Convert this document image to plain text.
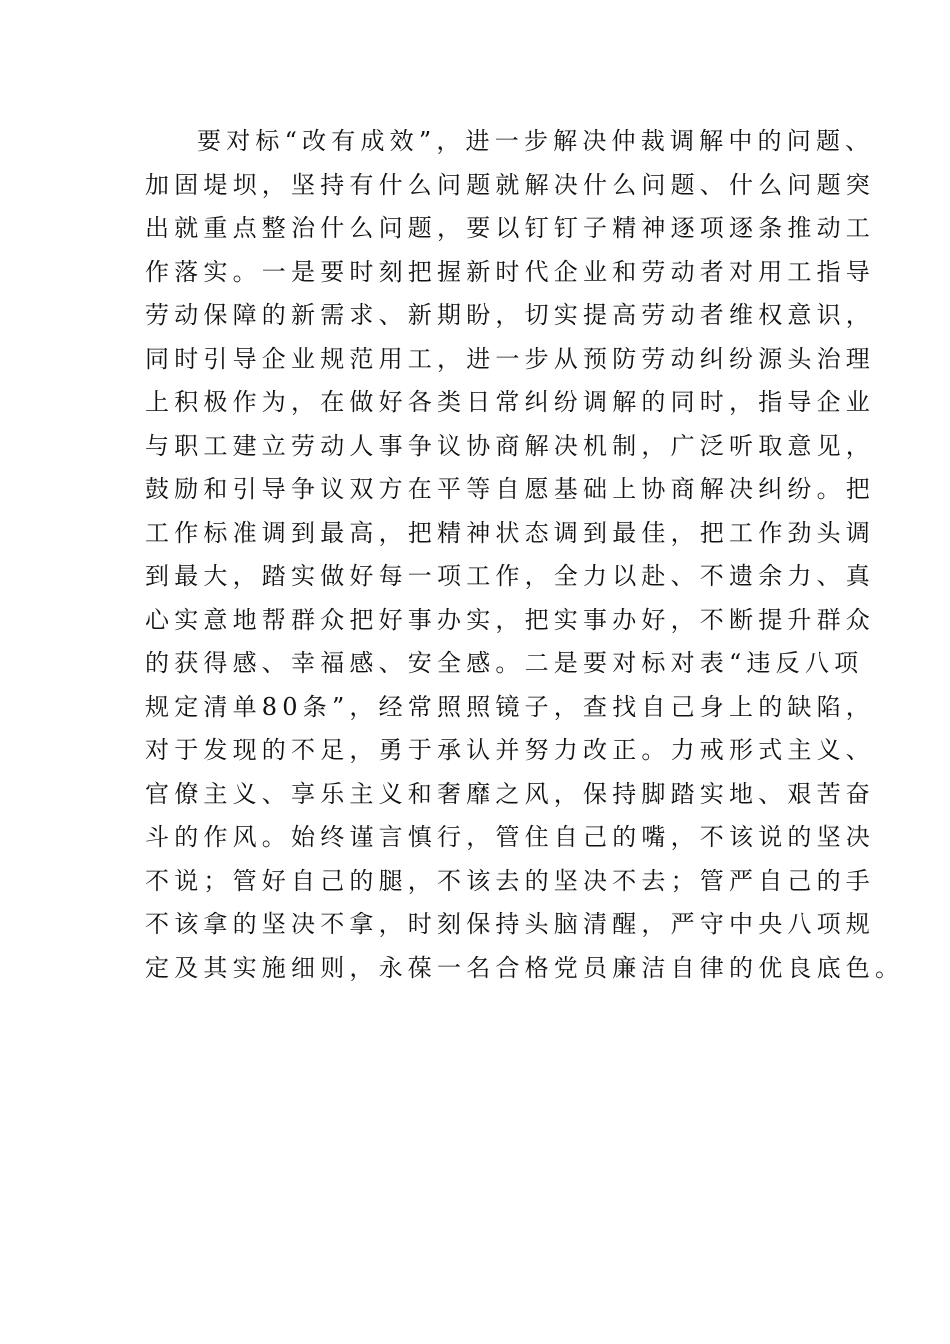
要对标“改有成效”，进一步解决仲裁调解中的问题、
加固堤坝，坚持有什么问题就解决什么问题、什么问题突
出就重点整治什么问题，要以钉钉子精神逐项逐条推动工
作落实。一是要时刻把握新时代企业和劳动者对用工指导
劳动保障的新需求、新期盼，切实提高劳动者维权意识，
同时引导企业规范用工，进一步从预防劳动纠纷源头治理
上积极作为，在做好各类日常纠纷调解的同时，指导企业
与职工建立劳动人事争议协商解决机制，广泛听取意见，
鼓励和引导争议双方在平等自愿基础上协商解决纠纷。把
工作标准调到最高，把精神状态调到最佳，把工作劲头调
到最大，踏实做好每一项工作，全力以赴、不遗余力、真
心实意地帮群众把好事办实，把实事办好，不断提升群众
的获得感、幸福感、安全感。二是要对标对表“违反八项
规定清单80条”，经常照照镜子，查找自己身上的缺陷，
对于发现的不足，勇于承认并努力改正。力戒形式主义、
官僚主义、享乐主义和奢靡之风，保持脚踏实地、艰苦奋
斗的作风。始终谨言慎行，管住自己的嘴，不该说的坚决
不说；管好自己的腿，不该去的坚决不去；管严自己的手
不该拿的坚决不拿，时刻保持头脑清醒，严守中央八项规
定及其实施细则，永葆一名合格党员廉洁自律的优良底色。
